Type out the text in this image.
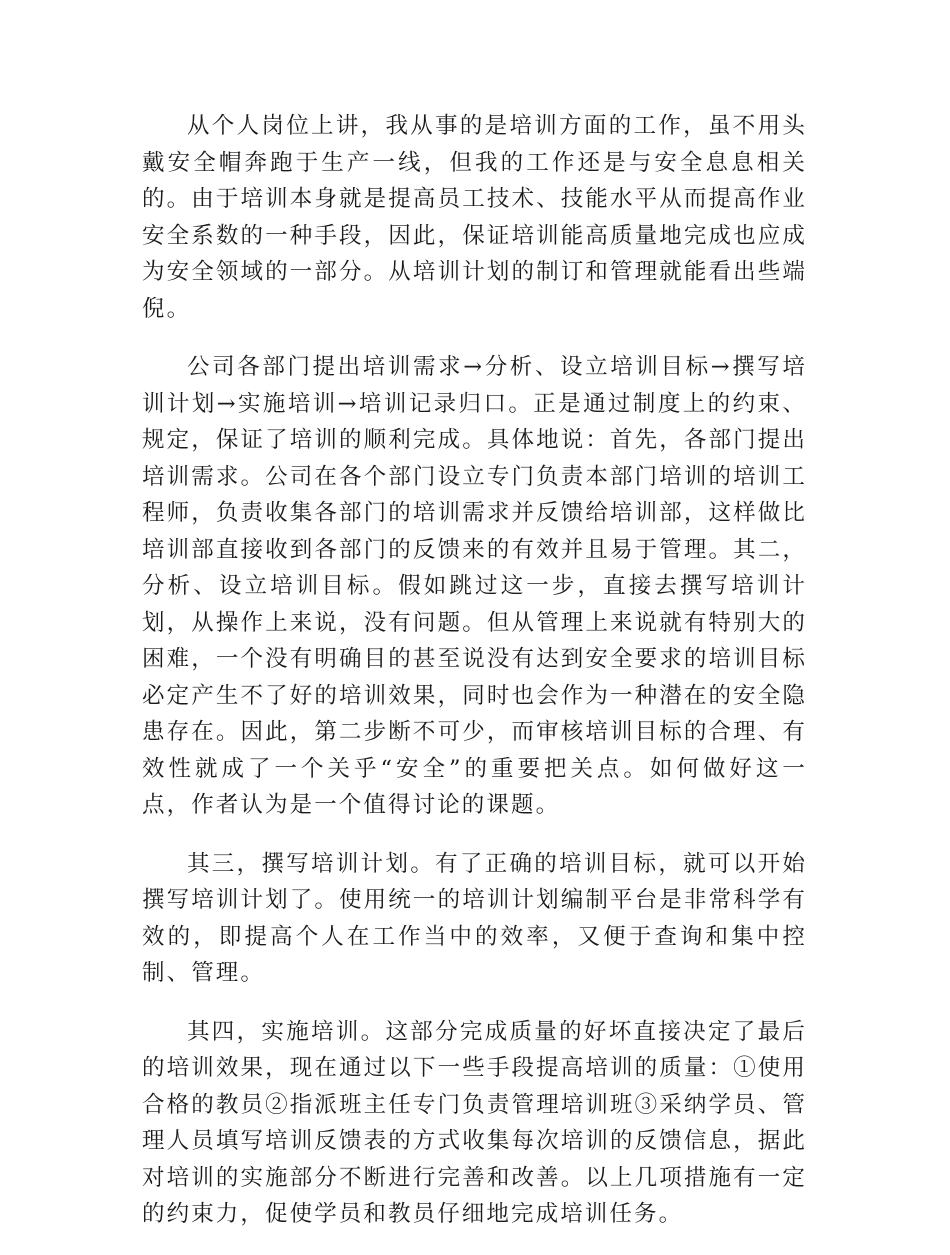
从个人岗位上讲，我从事的是培训方面的工作，虽不用头戴安全帽奔跑于生产一线，但我的工作还是与安全息息相关的。由于培训本身就是提高员工技术、技能水平从而提高作业安全系数的一种手段，因此，保证培训能高质量地完成也应成为安全领域的一部分。从培训计划的制订和管理就能看出些端倪。

公司各部门提出培训需求→分析、设立培训目标→撰写培训计划→实施培训→培训记录归口。正是通过制度上的约束、规定，保证了培训的顺利完成。具体地说：首先，各部门提出培训需求。公司在各个部门设立专门负责本部门培训的培训工程师，负责收集各部门的培训需求并反馈给培训部，这样做比培训部直接收到各部门的反馈来的有效并且易于管理。其二，分析、设立培训目标。假如跳过这一步，直接去撰写培训计划，从操作上来说，没有问题。但从管理上来说就有特别大的困难，一个没有明确目的甚至说没有达到安全要求的培训目标必定产生不了好的培训效果，同时也会作为一种潜在的安全隐患存在。因此，第二步断不可少，而审核培训目标的合理、有效性就成了一个关乎“安全”的重要把关点。如何做好这一点，作者认为是一个值得讨论的课题。

其三，撰写培训计划。有了正确的培训目标，就可以开始撰写培训计划了。使用统一的培训计划编制平台是非常科学有效的，即提高个人在工作当中的效率，又便于查询和集中控制、管理。

其四，实施培训。这部分完成质量的好坏直接决定了最后的培训效果，现在通过以下一些手段提高培训的质量：①使用合格的教员②指派班主任专门负责管理培训班③采纳学员、管理人员填写培训反馈表的方式收集每次培训的反馈信息，据此对培训的实施部分不断进行完善和改善。以上几项措施有一定的约束力，促使学员和教员仔细地完成培训任务。
